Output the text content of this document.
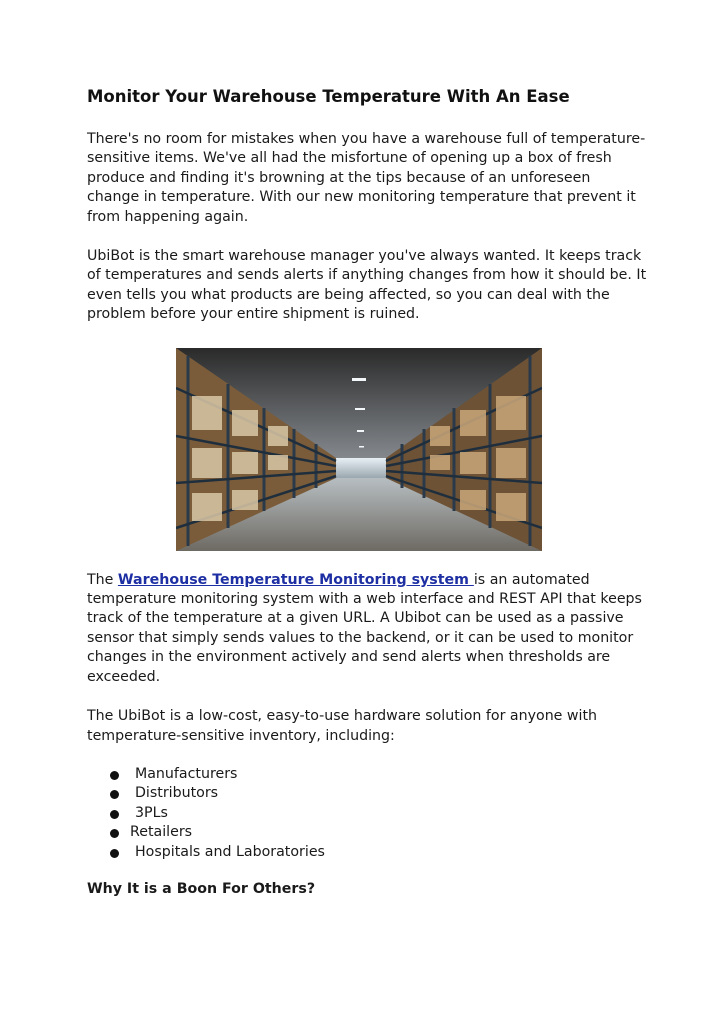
Monitor Your Warehouse Temperature With An Ease

There's no room for mistakes when you have a warehouse full of temperature-sensitive items. We've all had the misfortune of opening up a box of fresh produce and finding it's browning at the tips because of an unforeseen change in temperature. With our new monitoring temperature that prevent it from happening again.

UbiBot is the smart warehouse manager you've always wanted. It keeps track of temperatures and sends alerts if anything changes from how it should be. It even tells you what products are being affected, so you can deal with the problem before your entire shipment is ruined.

The Warehouse Temperature Monitoring system is an automated temperature monitoring system with a web interface and REST API that keeps track of the temperature at a given URL. A Ubibot can be used as a passive sensor that simply sends values to the backend, or it can be used to monitor changes in the environment actively and send alerts when thresholds are exceeded.

The UbiBot is a low-cost, easy-to-use hardware solution for anyone with temperature-sensitive inventory, including:

Manufacturers
Distributors
3PLs
Retailers
Hospitals and Laboratories
Why It is a Boon For Others?
